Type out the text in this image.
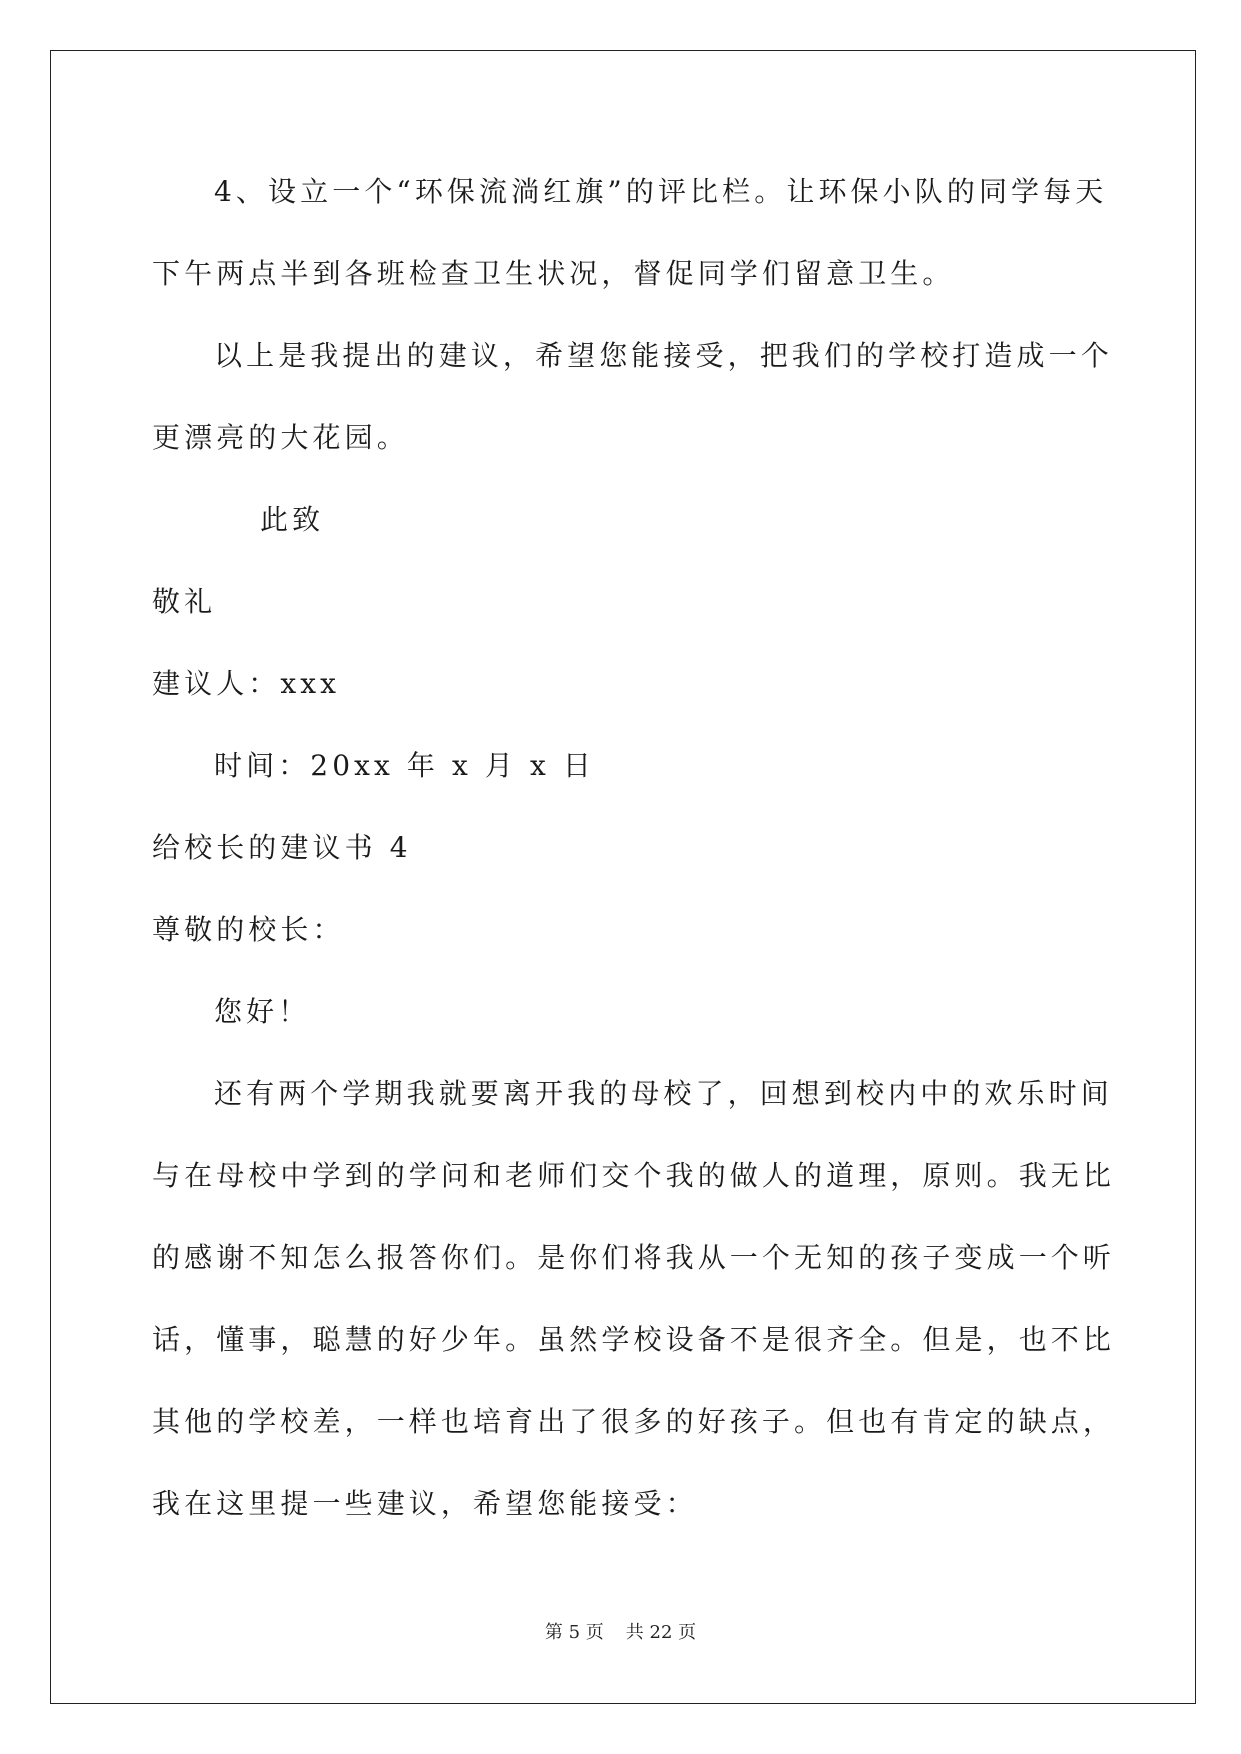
4、设立一个“环保流淌红旗”的评比栏。让环保小队的同学每天
下午两点半到各班检查卫生状况，督促同学们留意卫生。
以上是我提出的建议，希望您能接受，把我们的学校打造成一个
更漂亮的大花园。
此致
敬礼
建议人：xxx
时间：20xx 年 x 月 x 日
给校长的建议书 4
尊敬的校长：
您好！
还有两个学期我就要离开我的母校了，回想到校内中的欢乐时间
与在母校中学到的学问和老师们交个我的做人的道理，原则。我无比
的感谢不知怎么报答你们。是你们将我从一个无知的孩子变成一个听
话，懂事，聪慧的好少年。虽然学校设备不是很齐全。但是，也不比
其他的学校差，一样也培育出了很多的好孩子。但也有肯定的缺点，
我在这里提一些建议，希望您能接受：
第 5 页 共 22 页
